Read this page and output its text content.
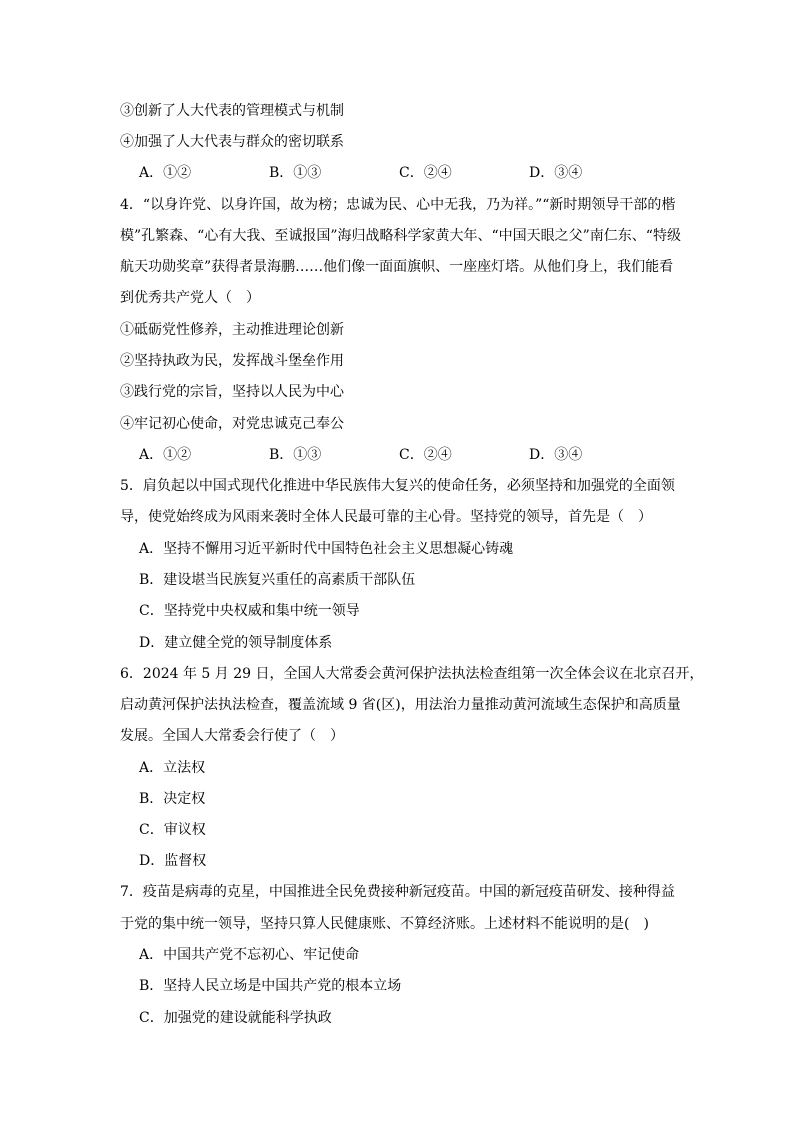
③创新了人大代表的管理模式与机制
④加强了人大代表与群众的密切联系
A．①②	B．①③	C．②④	D．③④
4．“以身许党、以身许国，故为榜；忠诚为民、心中无我，乃为祥。”“新时期领导干部的楷
模”孔繁森、“心有大我、至诚报国”海归战略科学家黄大年、“中国天眼之父”南仁东、“特级
航天功勋奖章”获得者景海鹏……他们像一面面旗帜、一座座灯塔。从他们身上，我们能看
到优秀共产党人（　）
①砥砺党性修养，主动推进理论创新
②坚持执政为民，发挥战斗堡垒作用
③践行党的宗旨，坚持以人民为中心
④牢记初心使命，对党忠诚克己奉公
A．①②	B．①③	C．②④	D．③④
5．肩负起以中国式现代化推进中华民族伟大复兴的使命任务，必须坚持和加强党的全面领
导，使党始终成为风雨来袭时全体人民最可靠的主心骨。坚持党的领导，首先是（　）
A．坚持不懈用习近平新时代中国特色社会主义思想凝心铸魂
B．建设堪当民族复兴重任的高素质干部队伍
C．坚持党中央权威和集中统一领导
D．建立健全党的领导制度体系
6．2024 年 5 月 29 日，全国人大常委会黄河保护法执法检查组第一次全体会议在北京召开，
启动黄河保护法执法检查，覆盖流域 9 省(区)，用法治力量推动黄河流域生态保护和高质量
发展。全国人大常委会行使了（　）
A．立法权
B．决定权
C．审议权
D．监督权
7．疫苗是病毒的克星，中国推进全民免费接种新冠疫苗。中国的新冠疫苗研发、接种得益
于党的集中统一领导，坚持只算人民健康账、不算经济账。上述材料不能说明的是(　)
A．中国共产党不忘初心、牢记使命
B．坚持人民立场是中国共产党的根本立场
C．加强党的建设就能科学执政
